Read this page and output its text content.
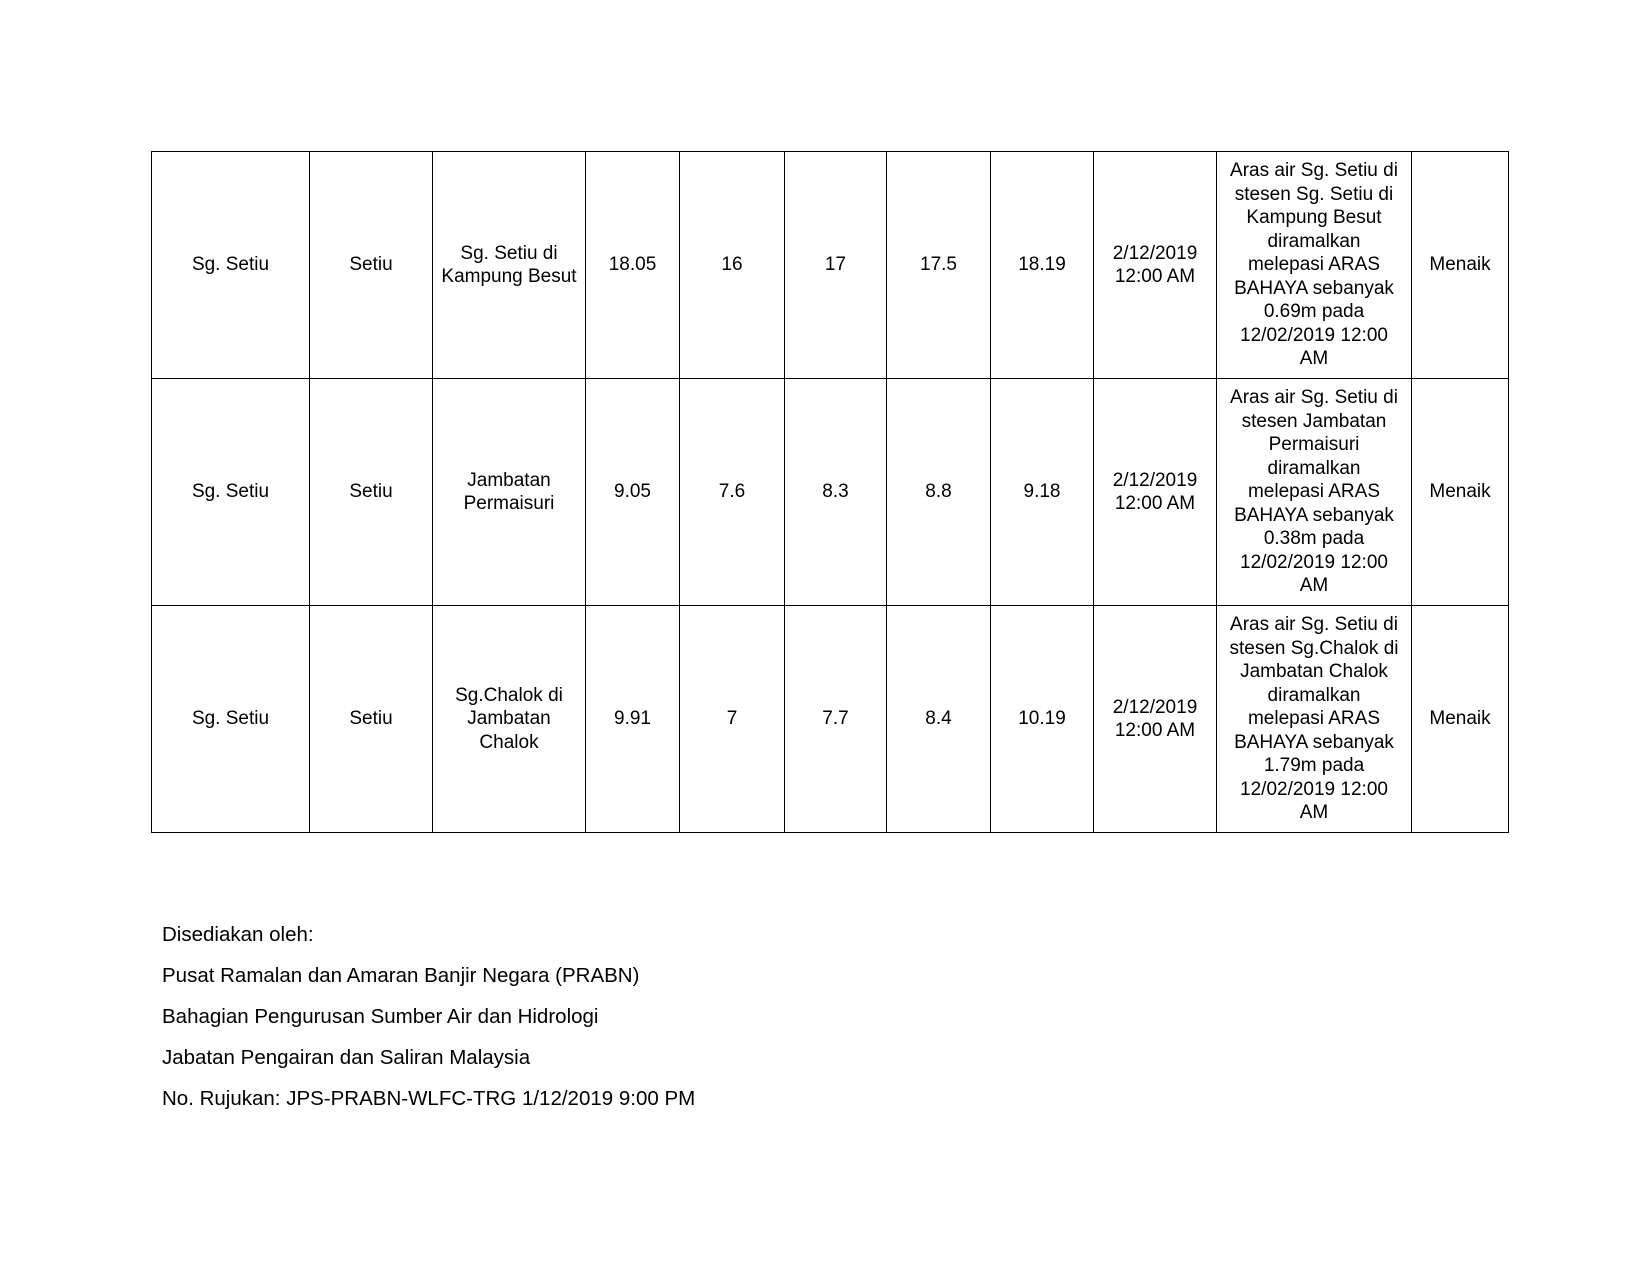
Sg. Setiu	Setiu	Sg. Setiu di Kampung Besut	18.05	16	17	17.5	18.19	2/12/2019 12:00 AM	Aras air Sg. Setiu di stesen Sg. Setiu di Kampung Besut diramalkan melepasi ARAS BAHAYA sebanyak 0.69m pada 12/02/2019 12:00 AM	Menaik
Sg. Setiu	Setiu	Jambatan Permaisuri	9.05	7.6	8.3	8.8	9.18	2/12/2019 12:00 AM	Aras air Sg. Setiu di stesen Jambatan Permaisuri diramalkan melepasi ARAS BAHAYA sebanyak 0.38m pada 12/02/2019 12:00 AM	Menaik
Sg. Setiu	Setiu	Sg.Chalok di Jambatan Chalok	9.91	7	7.7	8.4	10.19	2/12/2019 12:00 AM	Aras air Sg. Setiu di stesen Sg.Chalok di Jambatan Chalok diramalkan melepasi ARAS BAHAYA sebanyak 1.79m pada 12/02/2019 12:00 AM	Menaik
Disediakan oleh:
Pusat Ramalan dan Amaran Banjir Negara (PRABN)
Bahagian Pengurusan Sumber Air dan Hidrologi
Jabatan Pengairan dan Saliran Malaysia
No. Rujukan: JPS-PRABN-WLFC-TRG 1/12/2019 9:00 PM
